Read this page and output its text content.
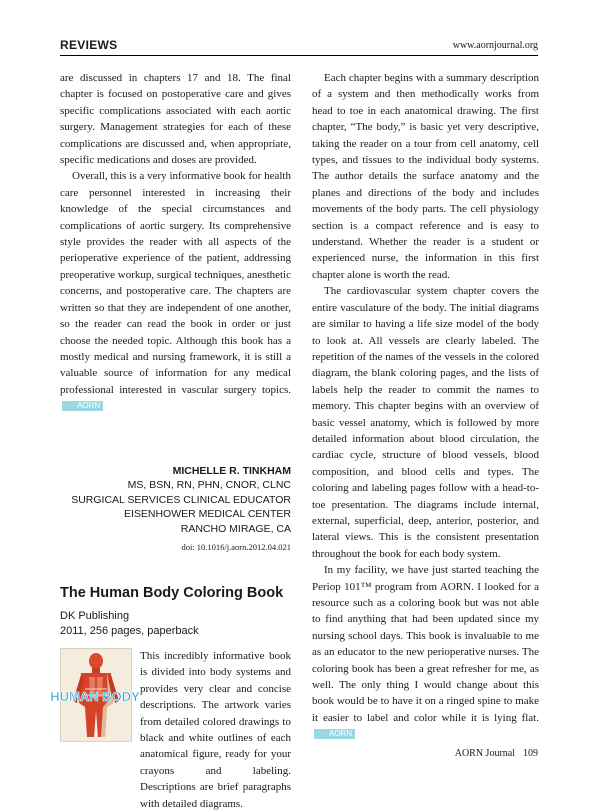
REVIEWS	www.aornjournal.org

are discussed in chapters 17 and 18. The final chapter is focused on postoperative care and gives specific complications associated with each aortic surgery. Management strategies for each of these complications are discussed and, when appropriate, specific medications and doses are provided.

Overall, this is a very informative book for health care personnel interested in increasing their knowledge of the special circumstances and complications of aortic surgery. Its comprehensive style provides the reader with all aspects of the perioperative experience of the patient, addressing preoperative workup, surgical techniques, anesthetic concerns, and postoperative care. The chapters are written so that they are independent of one another, so the reader can read the book in order or just choose the needed topic. Although this book has a mostly medical and nursing framework, it is still a valuable source of information for any medical professional interested in vascular surgery topics. AORN

MICHELLE R. TINKHAM
MS, BSN, RN, PHN, CNOR, CLNC
SURGICAL SERVICES CLINICAL EDUCATOR
EISENHOWER MEDICAL CENTER
RANCHO MIRAGE, CA
doi: 10.1016/j.aorn.2012.04.021
The Human Body Coloring Book
DK Publishing
2011, 256 pages, paperback
HUMAN BODY
This incredibly informative book is divided into body systems and provides very clear and concise descriptions. The artwork varies from detailed colored drawings to black and white outlines of each anatomical figure, ready for your crayons and labeling. Descriptions are brief paragraphs with detailed diagrams.

Each chapter begins with a summary description of a system and then methodically works from head to toe in each anatomical drawing. The first chapter, “The body,” is basic yet very descriptive, taking the reader on a tour from cell anatomy, cell types, and tissues to the individual body systems. The author details the surface anatomy and the planes and directions of the body and includes movements of the body parts. The cell physiology section is a compact reference and is easy to understand. Whether the reader is a student or experienced nurse, the information in this first chapter alone is worth the read.

The cardiovascular system chapter covers the entire vasculature of the body. The initial diagrams are similar to having a life size model of the body to look at. All vessels are clearly labeled. The repetition of the names of the vessels in the colored diagram, the blank coloring pages, and the lists of labels help the reader to commit the names to memory. This chapter begins with an overview of basic vessel anatomy, which is followed by more detailed information about blood circulation, the cardiac cycle, structure of blood vessels, blood composition, and blood cells and types. The coloring and labeling pages follow with a head-to-toe presentation. The diagrams include internal, external, superficial, deep, anterior, posterior, and lateral views. This is the consistent presentation throughout the book for each body system.

In my facility, we have just started teaching the Periop 101™ program from AORN. I looked for a resource such as a coloring book but was not able to find anything that had been updated since my nursing school days. This book is invaluable to me as an educator to the new perioperative nurses. The coloring book has been a great refresher for me, as well. The only thing I would change about this book would be to have it on a ringed spine to make it easier to label and color while it is lying flat. AORN

AORN Journal 109
